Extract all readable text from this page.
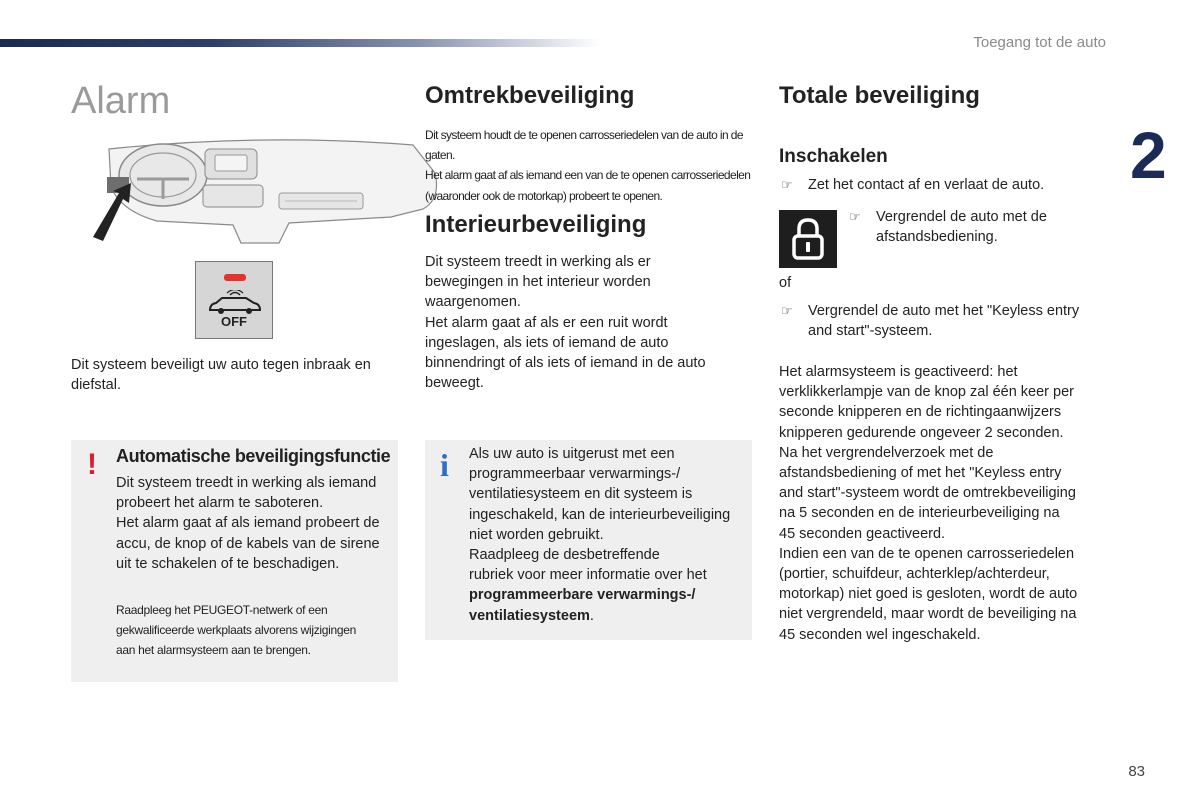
Toegang tot de auto
2
83
Alarm
OFF
Dit systeem beveiligt uw auto tegen inbraak en
diefstal.
! Automatische beveiligingsfunctie
Dit systeem treedt in werking als iemand
probeert het alarm te saboteren.
Het alarm gaat af als iemand probeert de
accu, de knop of de kabels van de sirene
uit te schakelen of te beschadigen.
Raadpleeg het PEUGEOT-netwerk of een
gekwalificeerde werkplaats alvorens wijzigingen
aan het alarmsysteem aan te brengen.
Omtrekbeveiliging
Dit systeem houdt de te openen carrosseriedelen van de auto in de gaten.
Het alarm gaat af als iemand een van de te openen carrosseriedelen
(waaronder ook de motorkap) probeert te openen.
Interieurbeveiliging
Dit systeem treedt in werking als er
bewegingen in het interieur worden
waargenomen.
Het alarm gaat af als er een ruit wordt
ingeslagen, als iets of iemand de auto
binnendringt of als iets of iemand in de auto
beweegt.
i Als uw auto is uitgerust met een
programmeerbaar verwarmings-/
ventilatiesysteem en dit systeem is
ingeschakeld, kan de interieurbeveiliging
niet worden gebruikt.
Raadpleeg de desbetreffende
rubriek voor meer informatie over het
programmeerbare verwarmings-/
ventilatiesysteem.
Totale beveiliging
Inschakelen
☞ Zet het contact af en verlaat de auto.
☞ Vergrendel de auto met de
afstandsbediening.
of
☞ Vergrendel de auto met het "Keyless entry
and start"-systeem.
Het alarmsysteem is geactiveerd: het
verklikkerlampje van de knop zal één keer per
seconde knipperen en de richtingaanwijzers
knipperen gedurende ongeveer 2 seconden.
Na het vergrendelverzoek met de
afstandsbediening of met het "Keyless entry
and start"-systeem wordt de omtrekbeveiliging
na 5 seconden en de interieurbeveiliging na
45 seconden geactiveerd.
Indien een van de te openen carrosseriedelen
(portier, schuifdeur, achterklep/achterdeur,
motorkap) niet goed is gesloten, wordt de auto
niet vergrendeld, maar wordt de beveiliging na
45 seconden wel ingeschakeld.
